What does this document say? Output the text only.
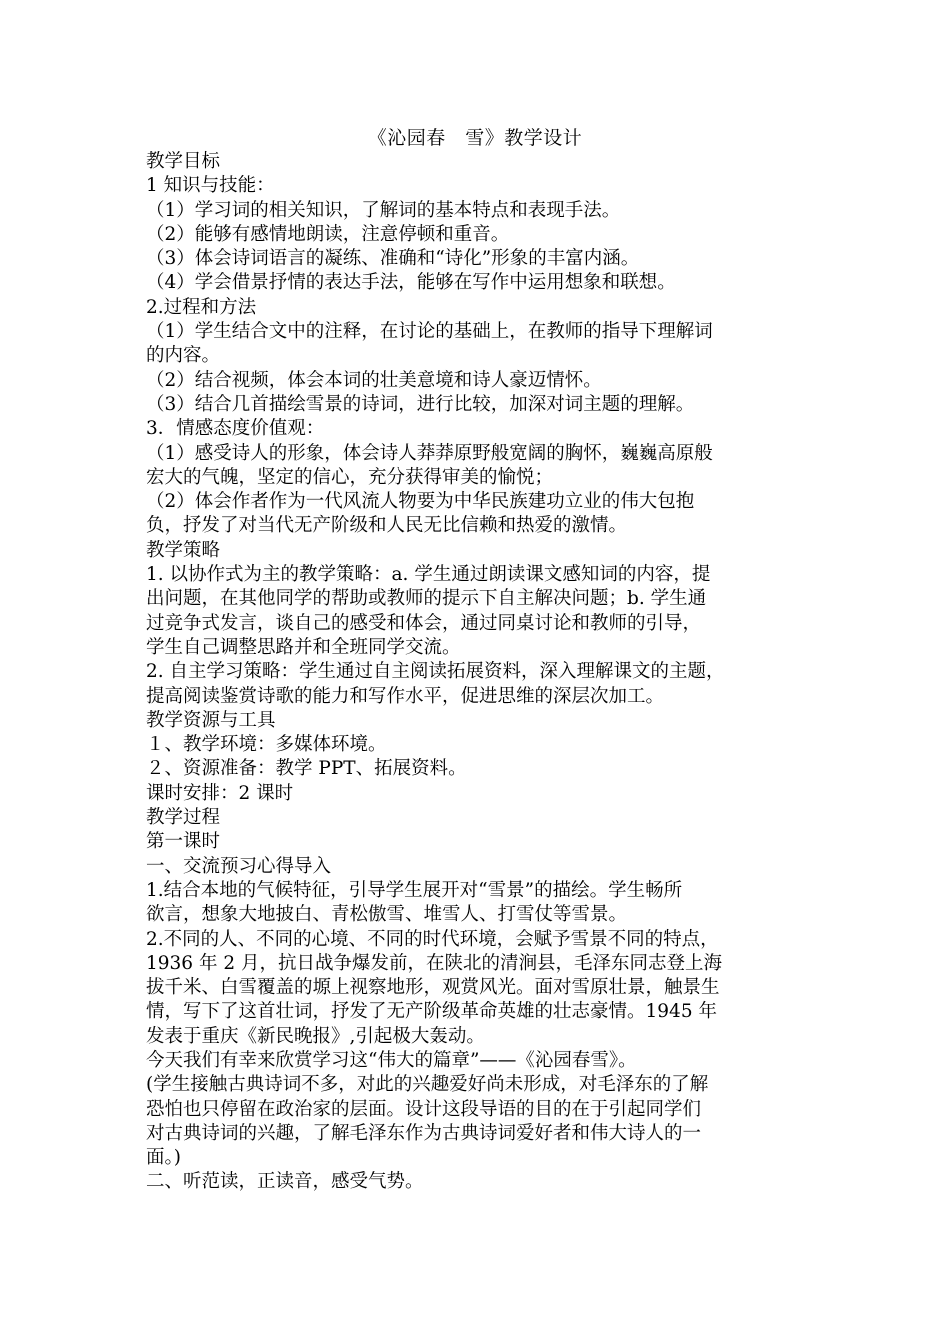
《沁园春　雪》教学设计
教学目标
1 知识与技能：
（1）学习词的相关知识，了解词的基本特点和表现手法。
（2）能够有感情地朗读，注意停顿和重音。
（3）体会诗词语言的凝练、准确和“诗化”形象的丰富内涵。
（4）学会借景抒情的表达手法，能够在写作中运用想象和联想。
2.过程和方法
（1）学生结合文中的注释，在讨论的基础上，在教师的指导下理解词
的内容。
（2）结合视频，体会本词的壮美意境和诗人豪迈情怀。
（3）结合几首描绘雪景的诗词，进行比较，加深对词主题的理解。
3．情感态度价值观：
（1）感受诗人的形象，体会诗人莽莽原野般宽阔的胸怀，巍巍高原般
宏大的气魄，坚定的信心，充分获得审美的愉悦；
（2）体会作者作为一代风流人物要为中华民族建功立业的伟大包抱
负，抒发了对当代无产阶级和人民无比信赖和热爱的激情。
教学策略
1. 以协作式为主的教学策略：a. 学生通过朗读课文感知词的内容，提
出问题，在其他同学的帮助或教师的提示下自主解决问题；b. 学生通
过竞争式发言，谈自己的感受和体会，通过同桌讨论和教师的引导，
学生自己调整思路并和全班同学交流。
2. 自主学习策略：学生通过自主阅读拓展资料，深入理解课文的主题，
提高阅读鉴赏诗歌的能力和写作水平，促进思维的深层次加工。
教学资源与工具
１、教学环境：多媒体环境。
２、资源准备：教学 PPT、拓展资料。
课时安排：2 课时
教学过程
第一课时
一、交流预习心得导入
1.结合本地的气候特征，引导学生展开对“雪景”的描绘。学生畅所
欲言，想象大地披白、青松傲雪、堆雪人、打雪仗等雪景。
2.不同的人、不同的心境、不同的时代环境，会赋予雪景不同的特点，
1936 年 2 月，抗日战争爆发前，在陕北的清涧县，毛泽东同志登上海
拔千米、白雪覆盖的塬上视察地形，观赏风光。面对雪原壮景，触景生
情，写下了这首壮词，抒发了无产阶级革命英雄的壮志豪情。1945 年
发表于重庆《新民晚报》,引起极大轰动。
今天我们有幸来欣赏学习这“伟大的篇章”——《沁园春雪》。
(学生接触古典诗词不多，对此的兴趣爱好尚未形成，对毛泽东的了解
恐怕也只停留在政治家的层面。设计这段导语的目的在于引起同学们
对古典诗词的兴趣，了解毛泽东作为古典诗词爱好者和伟大诗人的一
面。)
二、听范读，正读音，感受气势。
